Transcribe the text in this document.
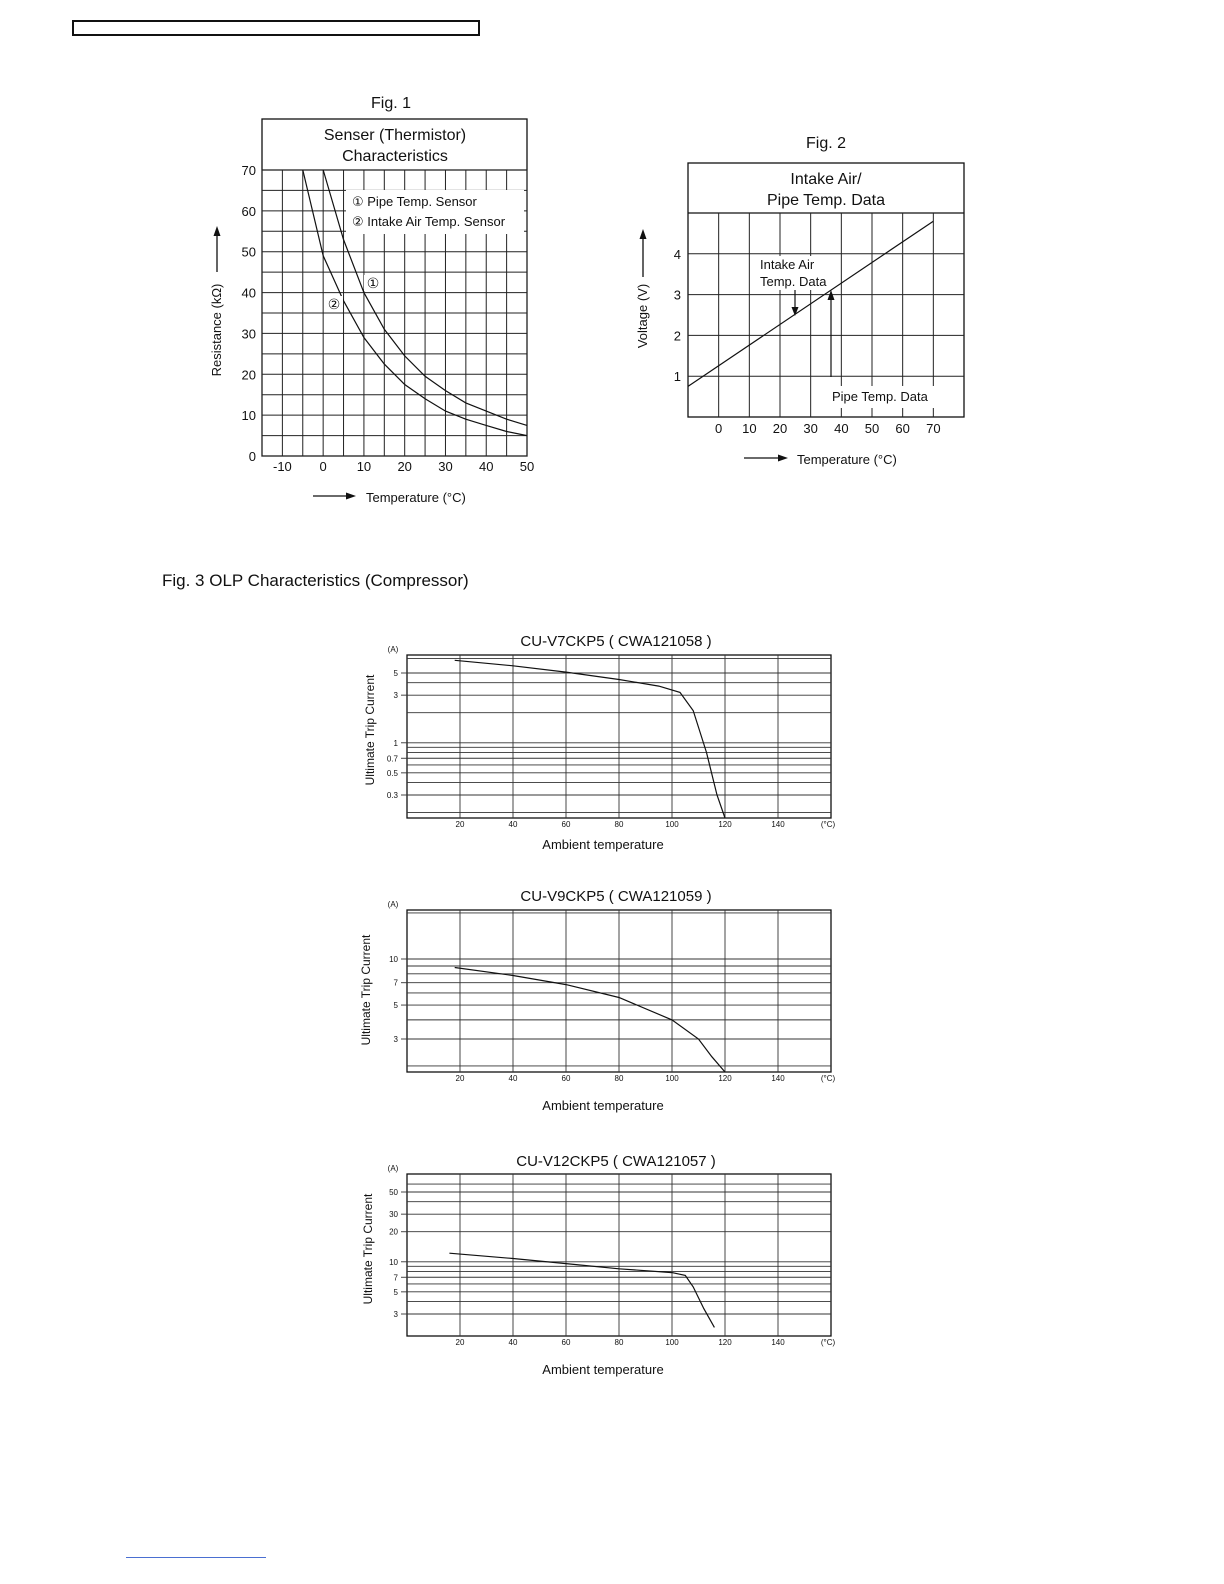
Fig. 3 OLP Characteristics (Compressor)
Fig. 1
Senser (Thermistor)
Characteristics
① Pipe Temp. Sensor
② Intake Air Temp. Sensor
-10 0 10 20 30 40 50
0
10
20
30
40
50
60
70
①
②
Resistance (kΩ)
Temperature (°C)
Fig. 2
Intake Air/
Pipe Temp. Data
Intake Air
Temp. Data
Pipe Temp. Data
0 10 20 30 40 50 60 70
1
2
3
4
Voltage (V)
Temperature (°C)
CU-V7CKP5 ( CWA121058 )
5
3
1
0.7
0.5
0.3
(A)
20	40	60	80	100	120	140	(°C)
Ambient temperature
Ultimate Trip Current
CU-V9CKP5 ( CWA121059 )
10
7
5
3
(A)
20	40	60	80	100	120	140	(°C)
Ambient temperature
Ultimate Trip Current
CU-V12CKP5 ( CWA121057 )
50
30
20
10
7
5
3
(A)
20	40	60	80	100	120	140	(°C)
Ambient temperature
Ultimate Trip Current
